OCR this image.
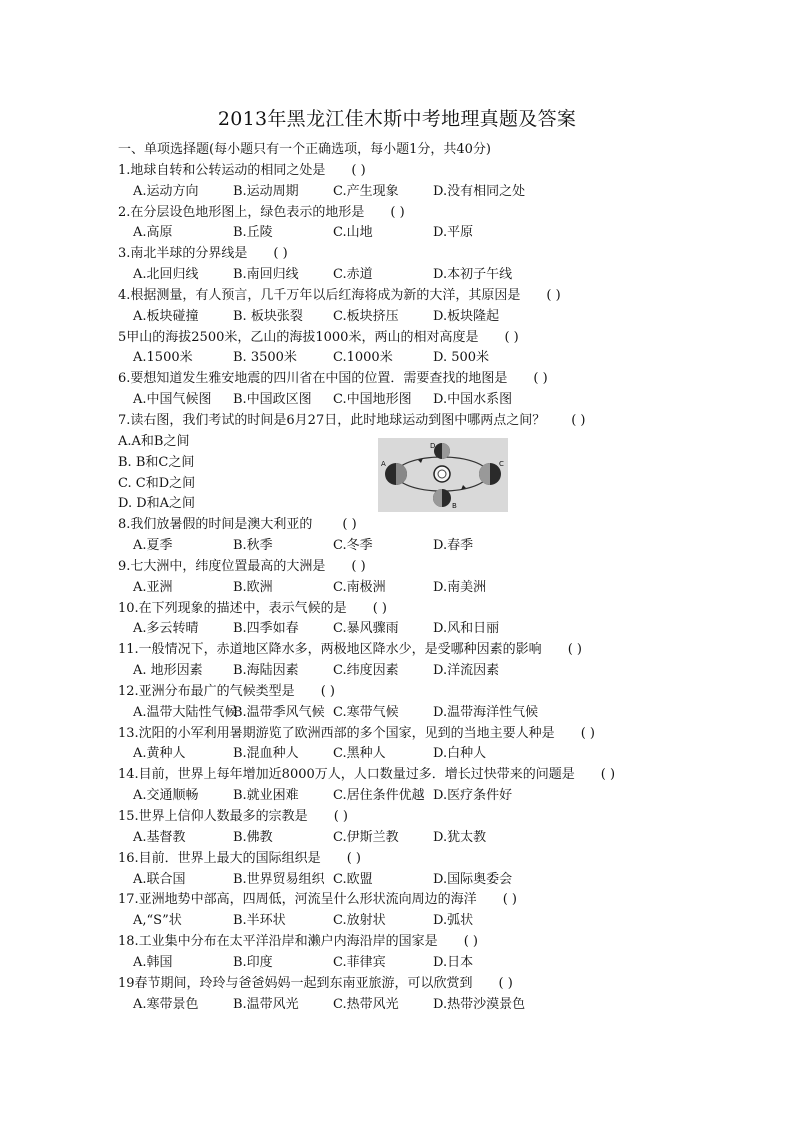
2013年黑龙江佳木斯中考地理真题及答案
一、单项选择题(每小题只有一个正确选项，每小题1分，共40分)
1.地球自转和公转运动的相同之处是 ( )
A.运动方向	B.运动周期	C.产生现象	D.没有相同之处
2.在分层设色地形图上，绿色表示的地形是 ( )
A.高原	B.丘陵	C.山地	D.平原
3.南北半球的分界线是 ( )
A.北回归线	B.南回归线	C.赤道	D.本初子午线
4.根据测量，有人预言，几千万年以后红海将成为新的大洋，其原因是 ( )
A.板块碰撞	B. 板块张裂 C.板块挤压	D.板块隆起
5甲山的海拔2500米，乙山的海拔1000米，两山的相对高度是 ( )
A.1500米	B. 3500米	C.1000米	D. 500米
6.要想知道发生雅安地震的四川省在中国的位置．需要查找的地图是 ( )
A.中国气候图 B.中国政区图 C.中国地形图 D.中国水系图
7.读右图，我们考试的时间是6月27日，此时地球运动到图中哪两点之间？ ( )
A.A和B之间
B. B和C之间
C. C和D之间
D. D和A之间
8.我们放暑假的时间是澳大利亚的 ( )
A.夏季	B.秋季	C.冬季	D.春季
9.七大洲中，纬度位置最高的大洲是 ( )
A.亚洲	B.欧洲	C.南极洲	D.南美洲
10.在下列现象的描述中，表示气候的是 ( )
A.多云转晴	B.四季如春	C.暴风骤雨	D.风和日丽
11.一般情况下，赤道地区降水多，两极地区降水少，是受哪种因素的影响 ( )
A. 地形因素 B.海陆因素	C.纬度因素	D.洋流因素
12.亚洲分布最广的气候类型是 ( )
A.温带大陆性气候B.温带季风气候 C.寒带气候	D.温带海洋性气候
13.沈阳的小军利用暑期游览了欧洲西部的多个国家，见到的当地主要人种是 ( )
A.黄种人	B.混血种人	C.黑种人	D.白种人
14.目前，世界上每年增加近8000万人，人口数量过多．增长过快带来的问题是 ( )
A.交通顺畅	B.就业困难	C.居住条件优越 D.医疗条件好
15.世界上信仰人数最多的宗教是 ( )
A.基督教	B.佛教	C.伊斯兰教	D.犹太教
16.目前．世界上最大的国际组织是 ( )
A.联合国	B.世界贸易组织 C.欧盟	D.国际奥委会
17.亚洲地势中部高，四周低，河流呈什么形状流向周边的海洋 ( )
A,“S”状	B.半环状	C.放射状	D.弧状
18.工业集中分布在太平洋沿岸和濑户内海沿岸的国家是 ( )
A.韩国	B.印度	C.菲律宾	D.日本
19春节期间，玲玲与爸爸妈妈一起到东南亚旅游，可以欣赏到 ( )
A.寒带景色	B.温带风光	C.热带风光	D.热带沙漠景色
D
A	C
B
